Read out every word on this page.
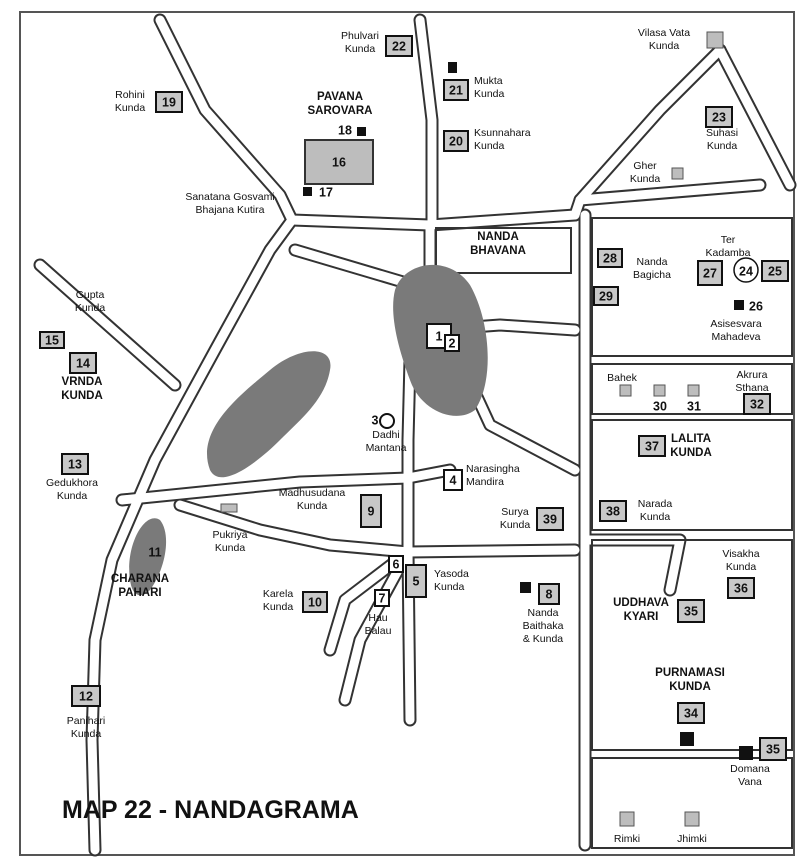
1 2
3
4
5
6
7	8
9
10
11
12
13
14
15
16
17
18
19
20
21
22
23
24 25
26
27
28
29
30 31	32
34
35
36
37
38
39
35
Phulvari Kunda
Vilasa Vata Kunda
Rohini Kunda
PAVANA SAROVARA
Mukta Kunda
Ksunnahara Kunda
Suhasi Kunda
Gher Kunda
Sanatana Gosvami Bhajana Kutira
NANDA BHAVANA
Ter Kadamba
Nanda Bagicha
Asisesvara Mahadeva
Gupta Kunda
VRNDA KUNDA
Bahek	Akrura Sthana
Dadhi Mantana
LALITA KUNDA
Gedukhora Kunda
Narasingha Mandira
Madhusudana Kunda	Surya Kunda
Narada Kunda
Pukriya Kunda
Yasoda Kunda
Visakha Kunda
CHARANA PAHARI	Karela Kunda
Hau Balau
Nanda Baithaka & Kunda
UDDHAVA KYARI
PURNAMASI KUNDA
Panihari Kunda
Domana Vana
Rimki	Jhimki
MAP 22 - NANDAGRAMA
